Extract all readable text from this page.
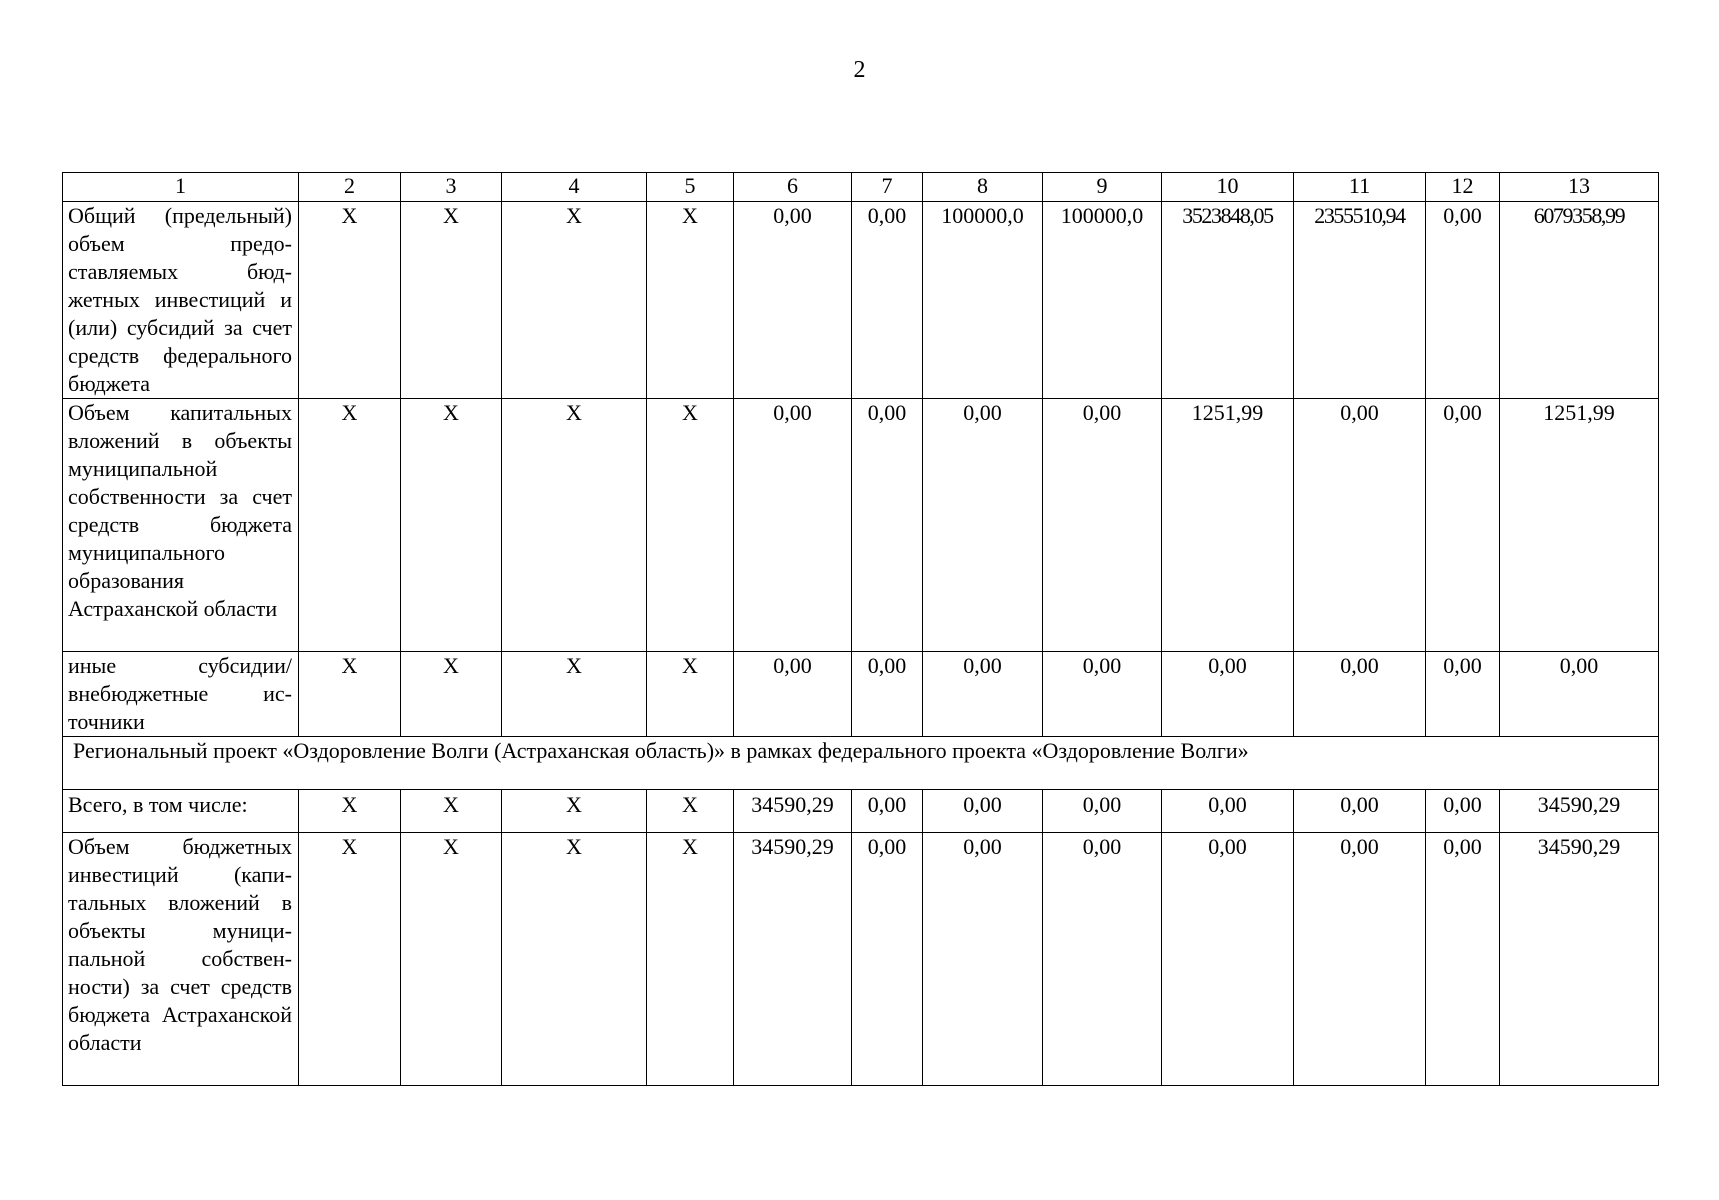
2
1	2	3	4	5	6	7	8	9	10	11	12	13
Общий (предельный) объем предоставляемых бюджетных инвестиций и (или) субсидий за счет средств федерального бюджета	X	X	X	X	0,00	0,00	100000,0	100000,0	3523848,05	2355510,94	0,00	6079358,99
Объем капитальных вложений в объекты муниципальной собственности за счет средств бюджета муниципального образования Астраханской области	X	X	X	X	0,00	0,00	0,00	0,00	1251,99	0,00	0,00	1251,99
иные субсидии/ внебюджетные источники	X	X	X	X	0,00	0,00	0,00	0,00	0,00	0,00	0,00	0,00
Региональный проект «Оздоровление Волги (Астраханская область)» в рамках федерального проекта «Оздоровление Волги»												
Всего, в том числе:	X	X	X	X	34590,29	0,00	0,00	0,00	0,00	0,00	0,00	34590,29
Объем бюджетных инвестиций (капитальных вложений в объекты муниципальной собственности) за счет средств бюджета Астраханской области	X	X	X	X	34590,29	0,00	0,00	0,00	0,00	0,00	0,00	34590,29
